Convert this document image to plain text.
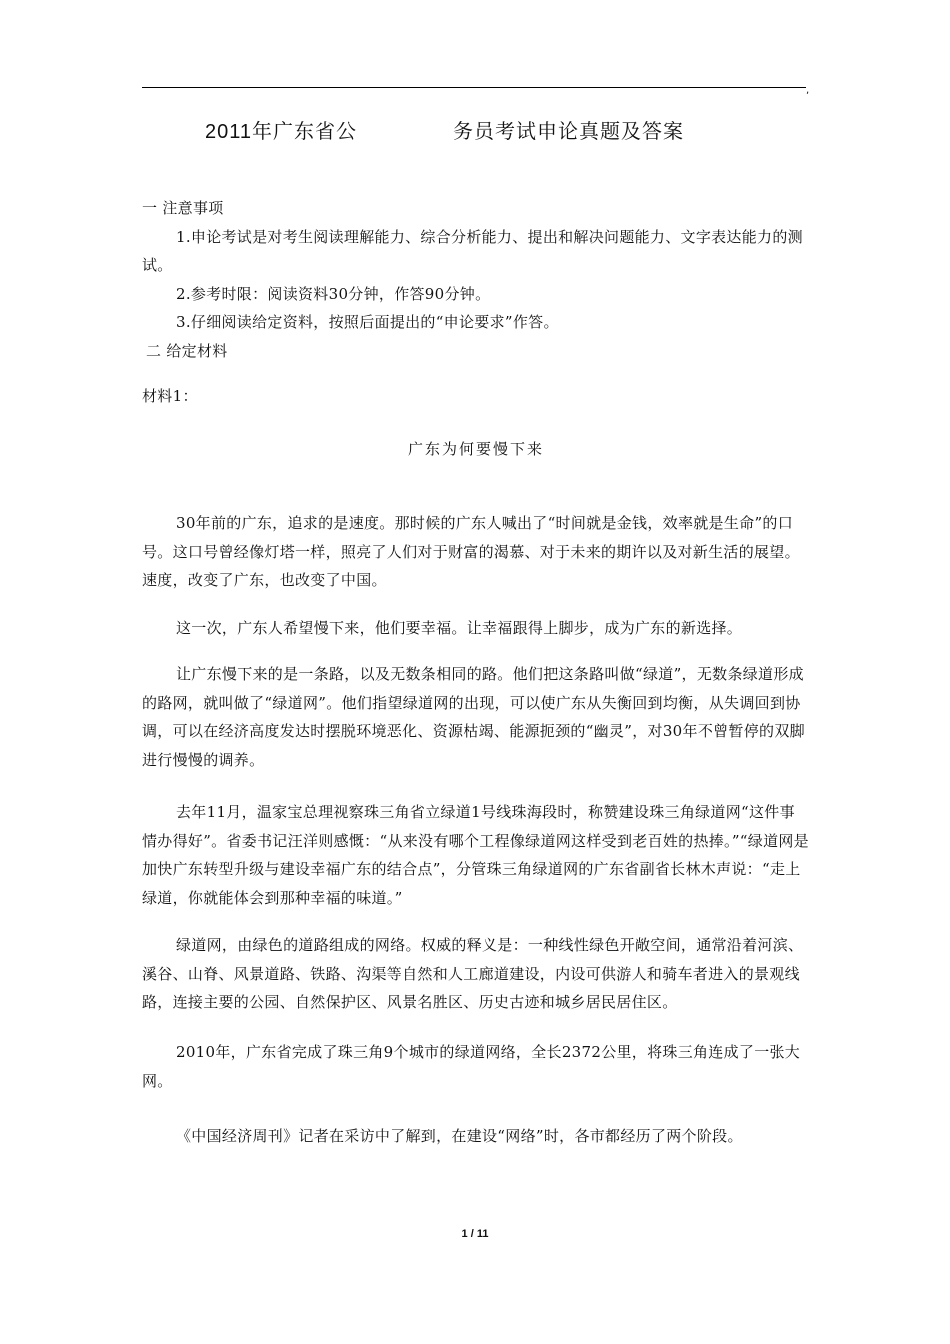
,
2011年广东省公	务员考试申论真题及答案

一 注意事项

1.申论考试是对考生阅读理解能力、综合分析能力、提出和解决问题能力、文字表达能力的测试。

2.参考时限：阅读资料30分钟，作答90分钟。

3.仔细阅读给定资料，按照后面提出的“申论要求”作答。

二 给定材料

材料1：
广东为何要慢下来
30年前的广东，追求的是速度。那时候的广东人喊出了“时间就是金钱，效率就是生命”的口号。这口号曾经像灯塔一样，照亮了人们对于财富的渴慕、对于未来的期许以及对新生活的展望。速度，改变了广东，也改变了中国。
这一次，广东人希望慢下来，他们要幸福。让幸福跟得上脚步，成为广东的新选择。
让广东慢下来的是一条路，以及无数条相同的路。他们把这条路叫做“绿道”，无数条绿道形成的路网，就叫做了“绿道网”。他们指望绿道网的出现，可以使广东从失衡回到均衡，从失调回到协调，可以在经济高度发达时摆脱环境恶化、资源枯竭、能源扼颈的“幽灵”，对30年不曾暂停的双脚进行慢慢的调养。
去年11月，温家宝总理视察珠三角省立绿道1号线珠海段时，称赞建设珠三角绿道网“这件事情办得好”。省委书记汪洋则感慨：“从来没有哪个工程像绿道网这样受到老百姓的热捧。”“绿道网是加快广东转型升级与建设幸福广东的结合点”，分管珠三角绿道网的广东省副省长林木声说：“走上绿道，你就能体会到那种幸福的味道。”
绿道网，由绿色的道路组成的网络。权威的释义是：一种线性绿色开敞空间，通常沿着河滨、溪谷、山脊、风景道路、铁路、沟渠等自然和人工廊道建设，内设可供游人和骑车者进入的景观线路，连接主要的公园、自然保护区、风景名胜区、历史古迹和城乡居民居住区。
2010年，广东省完成了珠三角9个城市的绿道网络，全长2372公里，将珠三角连成了一张大网。
《中国经济周刊》记者在采访中了解到，在建设“网络”时，各市都经历了两个阶段。
1 / 11
